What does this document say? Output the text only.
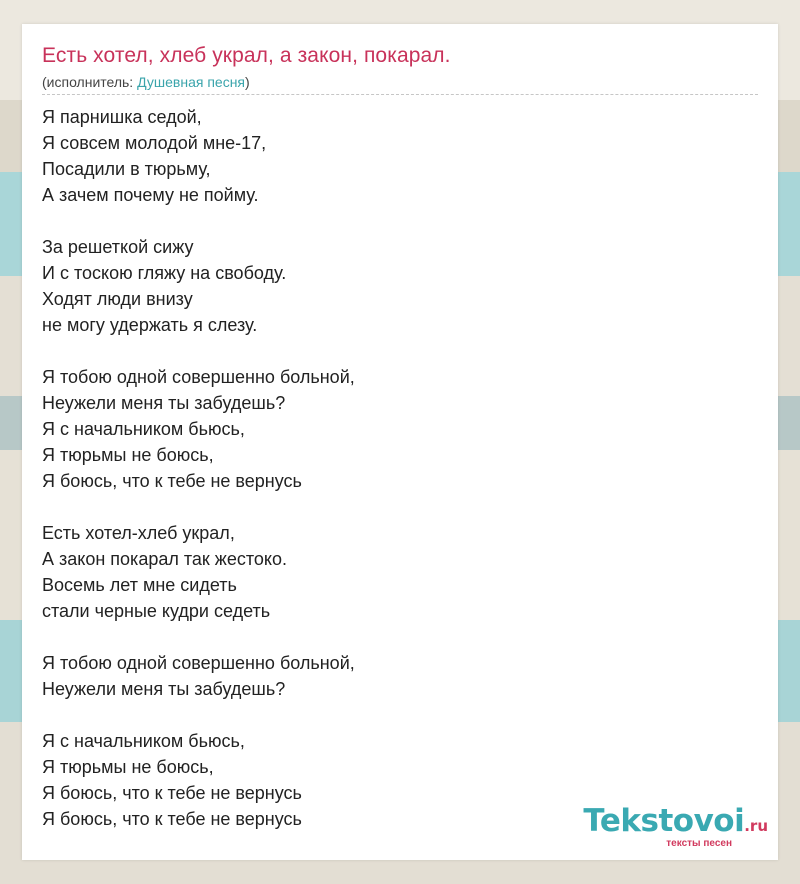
Есть хотел, хлеб украл, а закон, покарал.
(исполнитель: Душевная песня)
Я парнишка седой,
Я совсем молодой мне-17,
Посадили в тюрьму,
А зачем почему не пойму.
За решеткой сижу
И с тоскою гляжу на свободу.
Ходят люди внизу
не могу удержать я слезу.
Я тобою одной совершенно больной,
Неужели меня ты забудешь?
Я с начальником бьюсь,
Я тюрьмы не боюсь,
Я боюсь, что к тебе не вернусь
Есть хотел-хлеб украл,
А закон покарал так жестоко.
Восемь лет мне сидеть
стали черные кудри седеть
Я тобою одной совершенно больной,
Неужели меня ты забудешь?
Я с начальником бьюсь,
Я тюрьмы не боюсь,
Я боюсь, что к тебе не вернусь
Я боюсь, что к тебе не вернусь	Tekstovoi.ru
тексты песен
